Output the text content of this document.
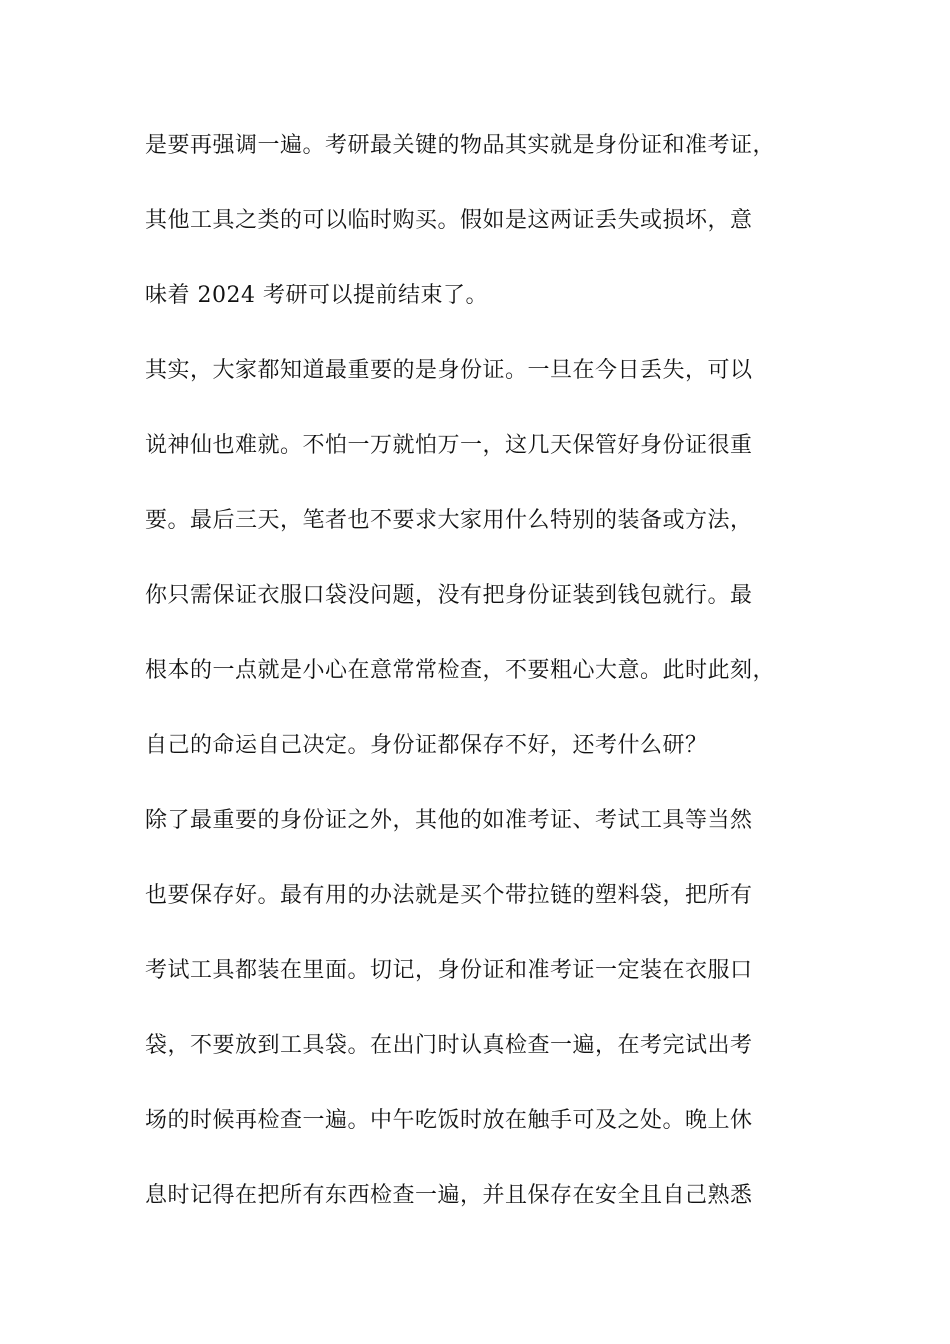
是要再强调一遍。考研最关键的物品其实就是身份证和准考证，
其他工具之类的可以临时购买。假如是这两证丢失或损坏，意
味着 2024 考研可以提前结束了。
其实，大家都知道最重要的是身份证。一旦在今日丢失，可以
说神仙也难就。不怕一万就怕万一，这几天保管好身份证很重
要。最后三天，笔者也不要求大家用什么特别的装备或方法，
你只需保证衣服口袋没问题，没有把身份证装到钱包就行。最
根本的一点就是小心在意常常检查，不要粗心大意。此时此刻，
自己的命运自己决定。身份证都保存不好，还考什么研？
除了最重要的身份证之外，其他的如准考证、考试工具等当然
也要保存好。最有用的办法就是买个带拉链的塑料袋，把所有
考试工具都装在里面。切记，身份证和准考证一定装在衣服口
袋，不要放到工具袋。在出门时认真检查一遍，在考完试出考
场的时候再检查一遍。中午吃饭时放在触手可及之处。晚上休
息时记得在把所有东西检查一遍，并且保存在安全且自己熟悉
